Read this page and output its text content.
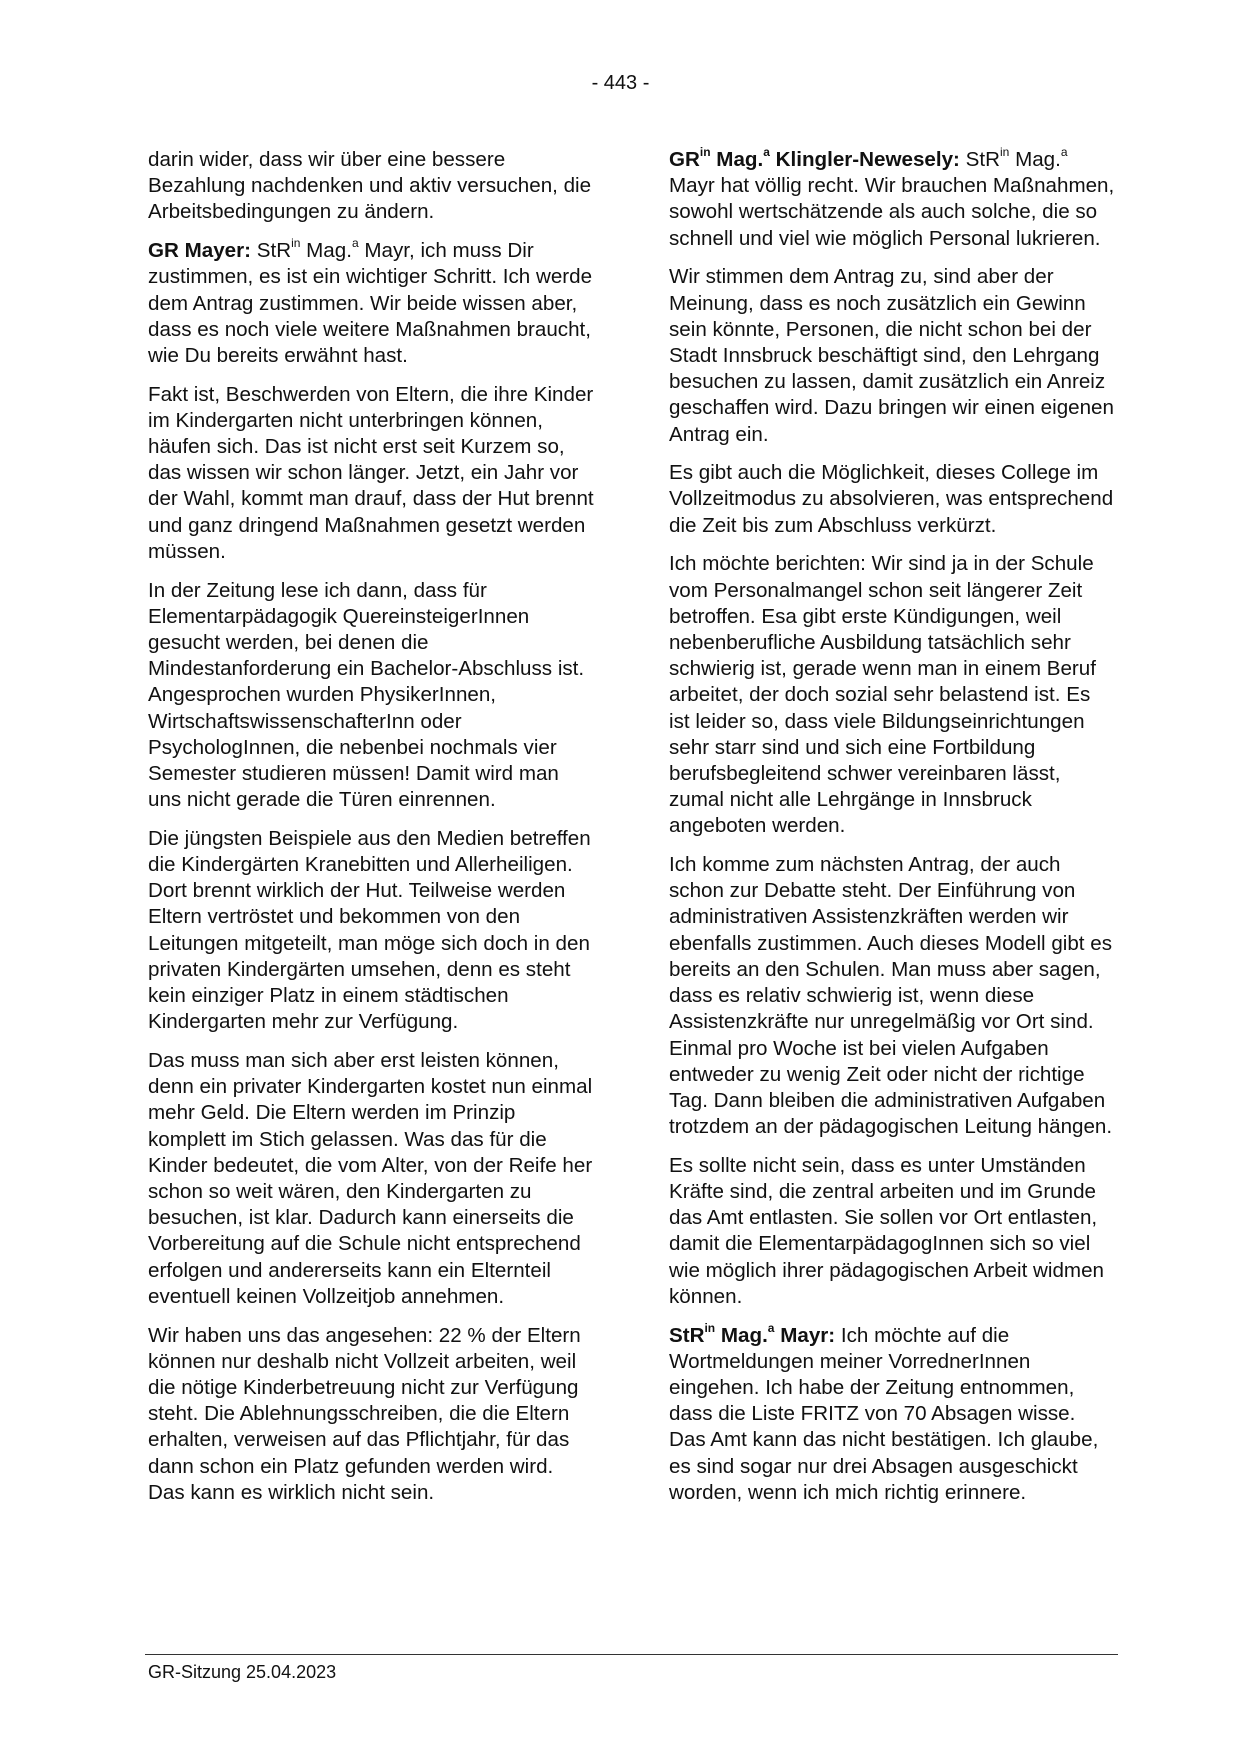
- 443 -

darin wider, dass wir über eine bessere Bezahlung nachdenken und aktiv versuchen, die Arbeitsbedingungen zu ändern.

GR Mayer: StR$^{in}$ Mag.$^a$ Mayr, ich muss Dir zustimmen, es ist ein wichtiger Schritt. Ich werde dem Antrag zustimmen. Wir beide wissen aber, dass es noch viele weitere Maßnahmen braucht, wie Du bereits erwähnt hast.

Fakt ist, Beschwerden von Eltern, die ihre Kinder im Kindergarten nicht unterbringen können, häufen sich. Das ist nicht erst seit Kurzem so, das wissen wir schon länger. Jetzt, ein Jahr vor der Wahl, kommt man drauf, dass der Hut brennt und ganz dringend Maßnahmen gesetzt werden müssen.

In der Zeitung lese ich dann, dass für Elementarpädagogik QuereinsteigerInnen gesucht werden, bei denen die Mindestanforderung ein Bachelor-Abschluss ist. Angesprochen wurden PhysikerInnen, WirtschaftswissenschafterInn oder PsychologInnen, die nebenbei nochmals vier Semester studieren müssen! Damit wird man uns nicht gerade die Türen einrennen.

Die jüngsten Beispiele aus den Medien betreffen die Kindergärten Kranebitten und Allerheiligen. Dort brennt wirklich der Hut. Teilweise werden Eltern vertröstet und bekommen von den Leitungen mitgeteilt, man möge sich doch in den privaten Kindergärten umsehen, denn es steht kein einziger Platz in einem städtischen Kindergarten mehr zur Verfügung.

Das muss man sich aber erst leisten können, denn ein privater Kindergarten kostet nun einmal mehr Geld. Die Eltern werden im Prinzip komplett im Stich gelassen. Was das für die Kinder bedeutet, die vom Alter, von der Reife her schon so weit wären, den Kindergarten zu besuchen, ist klar. Dadurch kann einerseits die Vorbereitung auf die Schule nicht entsprechend erfolgen und andererseits kann ein Elternteil eventuell keinen Vollzeitjob annehmen.

Wir haben uns das angesehen: 22 % der Eltern können nur deshalb nicht Vollzeit arbeiten, weil die nötige Kinderbetreuung nicht zur Verfügung steht. Die Ablehnungsschreiben, die die Eltern erhalten, verweisen auf das Pflichtjahr, für das dann schon ein Platz gefunden werden wird. Das kann es wirklich nicht sein.

$GR^{in}$ Mag.$^a$ Klingler-Newesely: StR$^{in}$ Mag.$^a$ Mayr hat völlig recht. Wir brauchen Maßnahmen, sowohl wertschätzende als auch solche, die so schnell und viel wie möglich Personal lukrieren.

Wir stimmen dem Antrag zu, sind aber der Meinung, dass es noch zusätzlich ein Gewinn sein könnte, Personen, die nicht schon bei der Stadt Innsbruck beschäftigt sind, den Lehrgang besuchen zu lassen, damit zusätzlich ein Anreiz geschaffen wird. Dazu bringen wir einen eigenen Antrag ein.

Es gibt auch die Möglichkeit, dieses College im Vollzeitmodus zu absolvieren, was entsprechend die Zeit bis zum Abschluss verkürzt.

Ich möchte berichten: Wir sind ja in der Schule vom Personalmangel schon seit längerer Zeit betroffen. Esa gibt erste Kündigungen, weil nebenberufliche Ausbildung tatsächlich sehr schwierig ist, gerade wenn man in einem Beruf arbeitet, der doch sozial sehr belastend ist. Es ist leider so, dass viele Bildungseinrichtungen sehr starr sind und sich eine Fortbildung berufsbegleitend schwer vereinbaren lässt, zumal nicht alle Lehrgänge in Innsbruck angeboten werden.

Ich komme zum nächsten Antrag, der auch schon zur Debatte steht. Der Einführung von administrativen Assistenzkräften werden wir ebenfalls zustimmen. Auch dieses Modell gibt es bereits an den Schulen. Man muss aber sagen, dass es relativ schwierig ist, wenn diese Assistenzkräfte nur unregelmäßig vor Ort sind. Einmal pro Woche ist bei vielen Aufgaben entweder zu wenig Zeit oder nicht der richtige Tag. Dann bleiben die administrativen Aufgaben trotzdem an der pädagogischen Leitung hängen.

Es sollte nicht sein, dass es unter Umständen Kräfte sind, die zentral arbeiten und im Grunde das Amt entlasten. Sie sollen vor Ort entlasten, damit die ElementarpädagogInnen sich so viel wie möglich ihrer pädagogischen Arbeit widmen können.

StR$^{in}$ Mag.$^a$ Mayr: Ich möchte auf die Wortmeldungen meiner VorrednerInnen eingehen. Ich habe der Zeitung entnommen, dass die Liste FRITZ von 70 Absagen wisse. Das Amt kann das nicht bestätigen. Ich glaube, es sind sogar nur drei Absagen ausgeschickt worden, wenn ich mich richtig erinnere.

GR-Sitzung 25.04.2023
